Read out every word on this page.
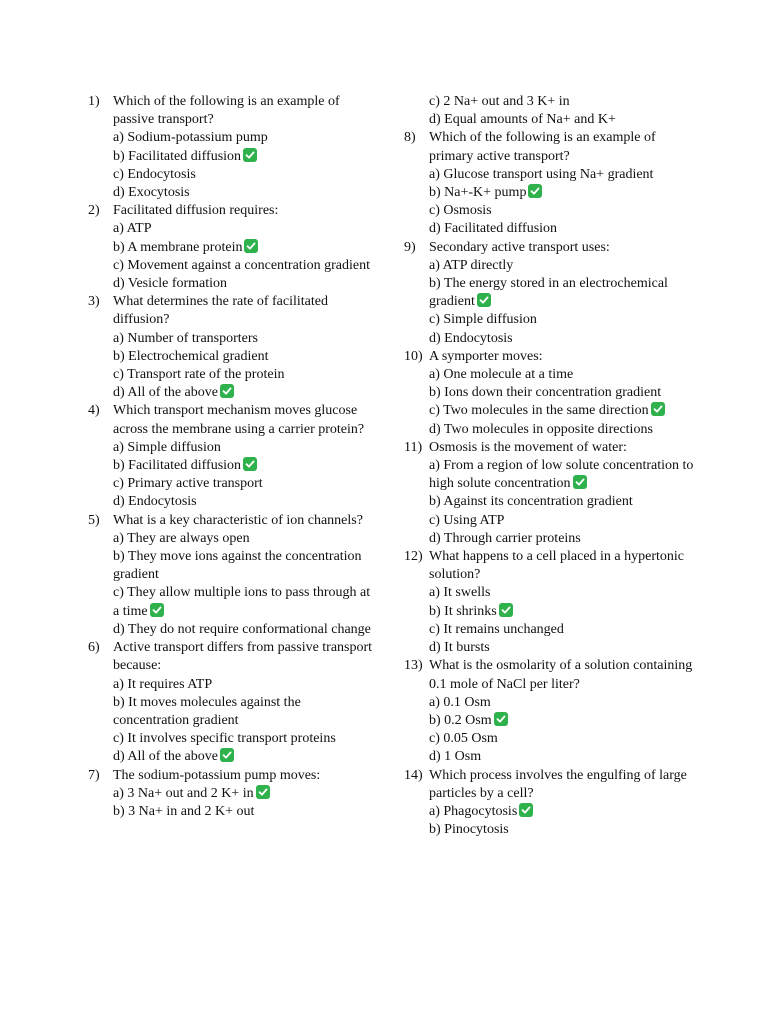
1) Which of the following is an example of passive transport?
a) Sodium-potassium pump
b) Facilitated diffusion
c) Endocytosis
d) Exocytosis
2) Facilitated diffusion requires:
a) ATP
b) A membrane protein
c) Movement against a concentration gradient
d) Vesicle formation
3) What determines the rate of facilitated diffusion?
a) Number of transporters
b) Electrochemical gradient
c) Transport rate of the protein
d) All of the above
4) Which transport mechanism moves glucose across the membrane using a carrier protein?
a) Simple diffusion
b) Facilitated diffusion
c) Primary active transport
d) Endocytosis
5) What is a key characteristic of ion channels?
a) They are always open
b) They move ions against the concentration gradient
c) They allow multiple ions to pass through at a time
d) They do not require conformational change
6) Active transport differs from passive transport because:
a) It requires ATP
b) It moves molecules against the concentration gradient
c) It involves specific transport proteins
d) All of the above
7) The sodium-potassium pump moves:
a) 3 Na+ out and 2 K+ in
b) 3 Na+ in and 2 K+ out
c) 2 Na+ out and 3 K+ in
d) Equal amounts of Na+ and K+
8) Which of the following is an example of primary active transport?
a) Glucose transport using Na+ gradient
b) Na+-K+ pump
c) Osmosis
d) Facilitated diffusion
9) Secondary active transport uses:
a) ATP directly
b) The energy stored in an electrochemical gradient
c) Simple diffusion
d) Endocytosis
10) A symporter moves:
a) One molecule at a time
b) Ions down their concentration gradient
c) Two molecules in the same direction
d) Two molecules in opposite directions
11) Osmosis is the movement of water:
a) From a region of low solute concentration to high solute concentration
b) Against its concentration gradient
c) Using ATP
d) Through carrier proteins
12) What happens to a cell placed in a hypertonic solution?
a) It swells
b) It shrinks
c) It remains unchanged
d) It bursts
13) What is the osmolarity of a solution containing 0.1 mole of NaCl per liter?
a) 0.1 Osm
b) 0.2 Osm
c) 0.05 Osm
d) 1 Osm
14) Which process involves the engulfing of large particles by a cell?
a) Phagocytosis
b) Pinocytosis
